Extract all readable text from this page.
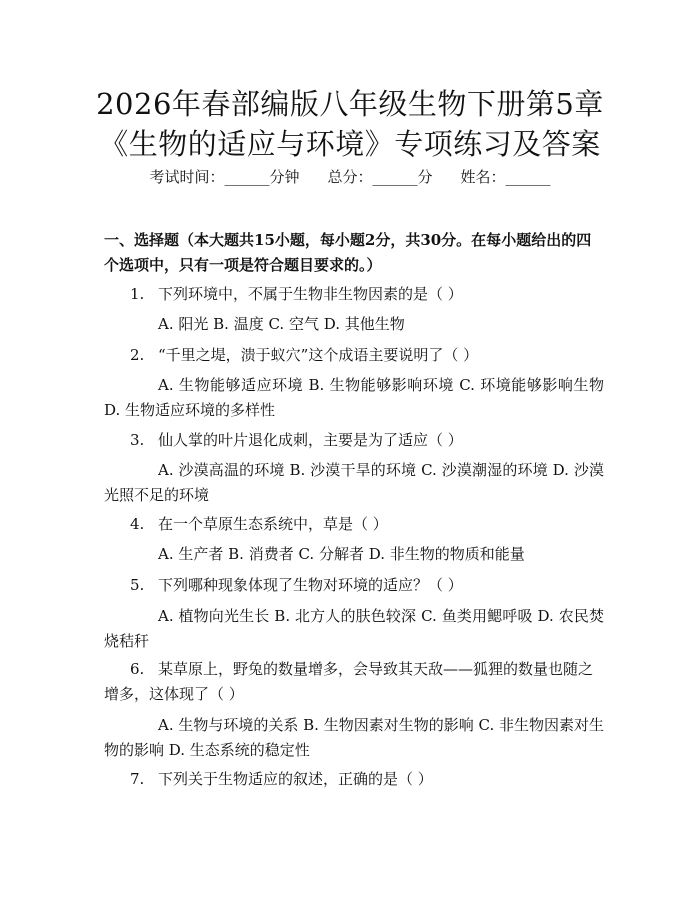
2026年春部编版八年级生物下册第5章《生物的适应与环境》专项练习及答案
考试时间：______分钟 总分：______分 姓名：______

一、选择题（本大题共15小题，每小题2分，共30分。在每小题给出的四个选项中，只有一项是符合题目要求的。）

1. 下列环境中，不属于生物非生物因素的是（ ）
A. 阳光 B. 温度 C. 空气 D. 其他生物
2. “千里之堤，溃于蚁穴”这个成语主要说明了（ ）
A. 生物能够适应环境 B. 生物能够影响环境 C. 环境能够影响生物 D. 生物适应环境的多样性
3. 仙人掌的叶片退化成刺，主要是为了适应（ ）
A. 沙漠高温的环境 B. 沙漠干旱的环境 C. 沙漠潮湿的环境 D. 沙漠光照不足的环境
4. 在一个草原生态系统中，草是（ ）
A. 生产者 B. 消费者 C. 分解者 D. 非生物的物质和能量
5. 下列哪种现象体现了生物对环境的适应？（ ）
A. 植物向光生长 B. 北方人的肤色较深 C. 鱼类用鳃呼吸 D. 农民焚烧秸秆
6. 某草原上，野兔的数量增多，会导致其天敌——狐狸的数量也随之增多，这体现了（ ）
A. 生物与环境的关系 B. 生物因素对生物的影响 C. 非生物因素对生物的影响 D. 生态系统的稳定性
7. 下列关于生物适应的叙述，正确的是（ ）
